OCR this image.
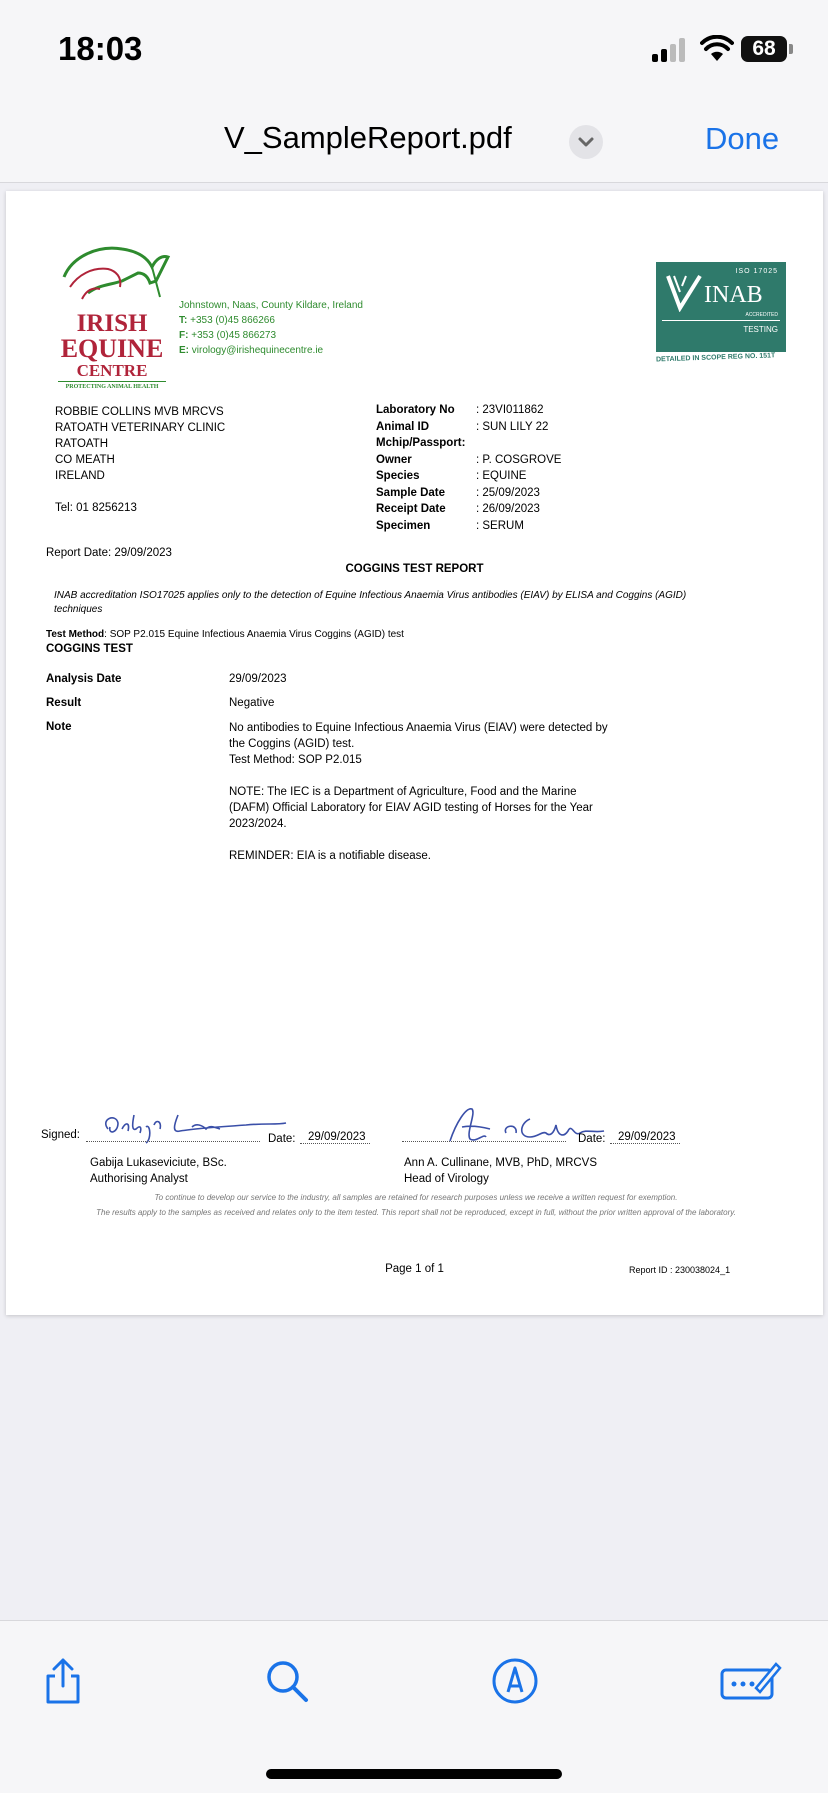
18:03	68
V_SampleReport.pdf	Done
IRISH
EQUINE
CENTRE
PROTECTING ANIMAL HEALTH
Johnstown, Naas, County Kildare, Ireland
T: +353 (0)45 866266
F: +353 (0)45 866273
E: virology@irishequinecentre.ie
ISO 17025
INAB
ACCREDITED
TESTING
DETAILED IN SCOPE REG NO. 151T
ROBBIE COLLINS MVB MRCVS
RATOATH VETERINARY CLINIC
RATOATH
CO MEATH
IRELAND
Tel: 01 8256213
Laboratory No	: 23VI011862
Animal ID	: SUN LILY 22
Mchip/Passport:
Owner	: P. COSGROVE
Species	: EQUINE
Sample Date	: 25/09/2023
Receipt Date	: 26/09/2023
Specimen	: SERUM
Report Date: 29/09/2023
COGGINS TEST REPORT
INAB accreditation ISO17025 applies only to the detection of Equine Infectious Anaemia Virus antibodies (EIAV) by ELISA and Coggins (AGID) techniques
Test Method: SOP P2.015 Equine Infectious Anaemia Virus Coggins (AGID) test
COGGINS TEST
Analysis Date	29/09/2023
Result	Negative
Note	No antibodies to Equine Infectious Anaemia Virus (EIAV) were detected by
the Coggins (AGID) test.
Test Method: SOP P2.015
NOTE: The IEC is a Department of Agriculture, Food and the Marine
(DAFM) Official Laboratory for EIAV AGID testing of Horses for the Year
2023/2024.
REMINDER: EIA is a notifiable disease.
Signed:	Date: 29/09/2023
Gabija Lukaseviciute, BSc.
Authorising Analyst
Date: 29/09/2023
Ann A. Cullinane, MVB, PhD, MRCVS
Head of Virology
To continue to develop our service to the industry, all samples are retained for research purposes unless we receive a written request for exemption.
The results apply to the samples as received and relates only to the item tested. This report shall not be reproduced, except in full, without the prior written approval of the laboratory.
Page 1 of 1	Report ID : 230038024_1
